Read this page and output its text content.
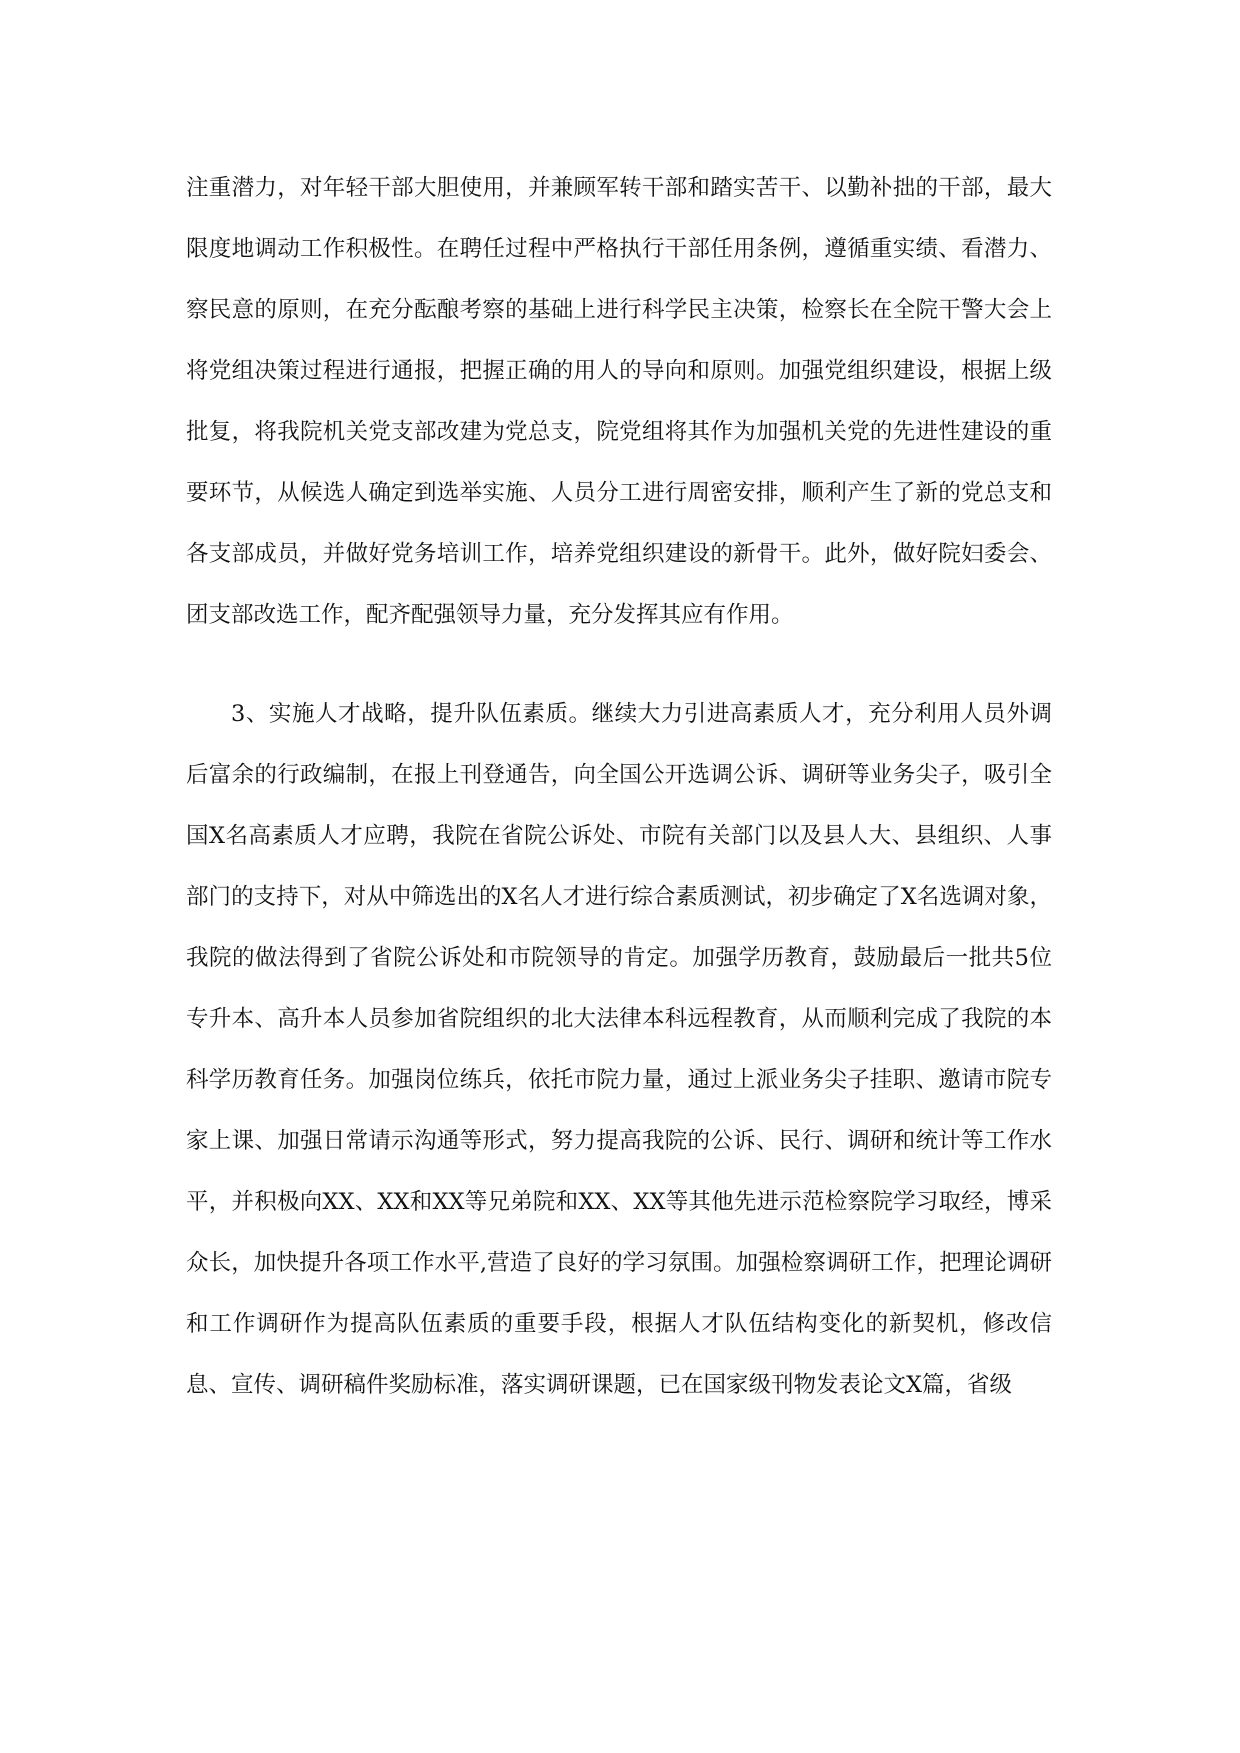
注重潜力，对年轻干部大胆使用，并兼顾军转干部和踏实苦干、以勤补拙的干部，最大限度地调动工作积极性。在聘任过程中严格执行干部任用条例，遵循重实绩、看潜力、察民意的原则，在充分酝酿考察的基础上进行科学民主决策，检察长在全院干警大会上将党组决策过程进行通报，把握正确的用人的导向和原则。加强党组织建设，根据上级批复，将我院机关党支部改建为党总支，院党组将其作为加强机关党的先进性建设的重要环节，从候选人确定到选举实施、人员分工进行周密安排，顺利产生了新的党总支和各支部成员，并做好党务培训工作，培养党组织建设的新骨干。此外，做好院妇委会、团支部改选工作，配齐配强领导力量，充分发挥其应有作用。

3、实施人才战略，提升队伍素质。继续大力引进高素质人才，充分利用人员外调后富余的行政编制，在报上刊登通告，向全国公开选调公诉、调研等业务尖子，吸引全国X名高素质人才应聘，我院在省院公诉处、市院有关部门以及县人大、县组织、人事部门的支持下，对从中筛选出的X名人才进行综合素质测试，初步确定了X名选调对象，我院的做法得到了省院公诉处和市院领导的肯定。加强学历教育，鼓励最后一批共5位专升本、高升本人员参加省院组织的北大法律本科远程教育，从而顺利完成了我院的本科学历教育任务。加强岗位练兵，依托市院力量，通过上派业务尖子挂职、邀请市院专家上课、加强日常请示沟通等形式，努力提高我院的公诉、民行、调研和统计等工作水平，并积极向XX、XX和XX等兄弟院和XX、XX等其他先进示范检察院学习取经，博采众长，加快提升各项工作水平,营造了良好的学习氛围。加强检察调研工作，把理论调研和工作调研作为提高队伍素质的重要手段，根据人才队伍结构变化的新契机，修改信息、宣传、调研稿件奖励标准，落实调研课题，已在国家级刊物发表论文X篇，省级
